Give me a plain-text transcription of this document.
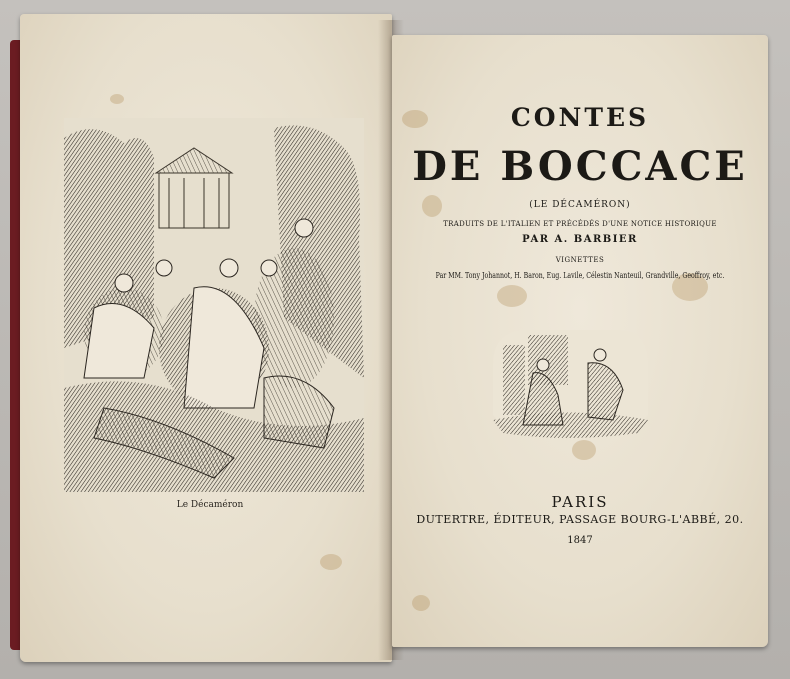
Le Décaméron
CONTES
DE BOCCACE
(LE DÉCAMÉRON)
TRADUITS DE L'ITALIEN ET PRÉCÉDÉS D'UNE NOTICE HISTORIQUE
PAR A. BARBIER
VIGNETTES
Par MM. Tony Johannot, H. Baron, Eug. Lavile, Célestin Nanteuil, Grandville, Geoffroy, etc.
PARIS
DUTERTRE, ÉDITEUR, PASSAGE BOURG-L'ABBÉ, 20.
1847
